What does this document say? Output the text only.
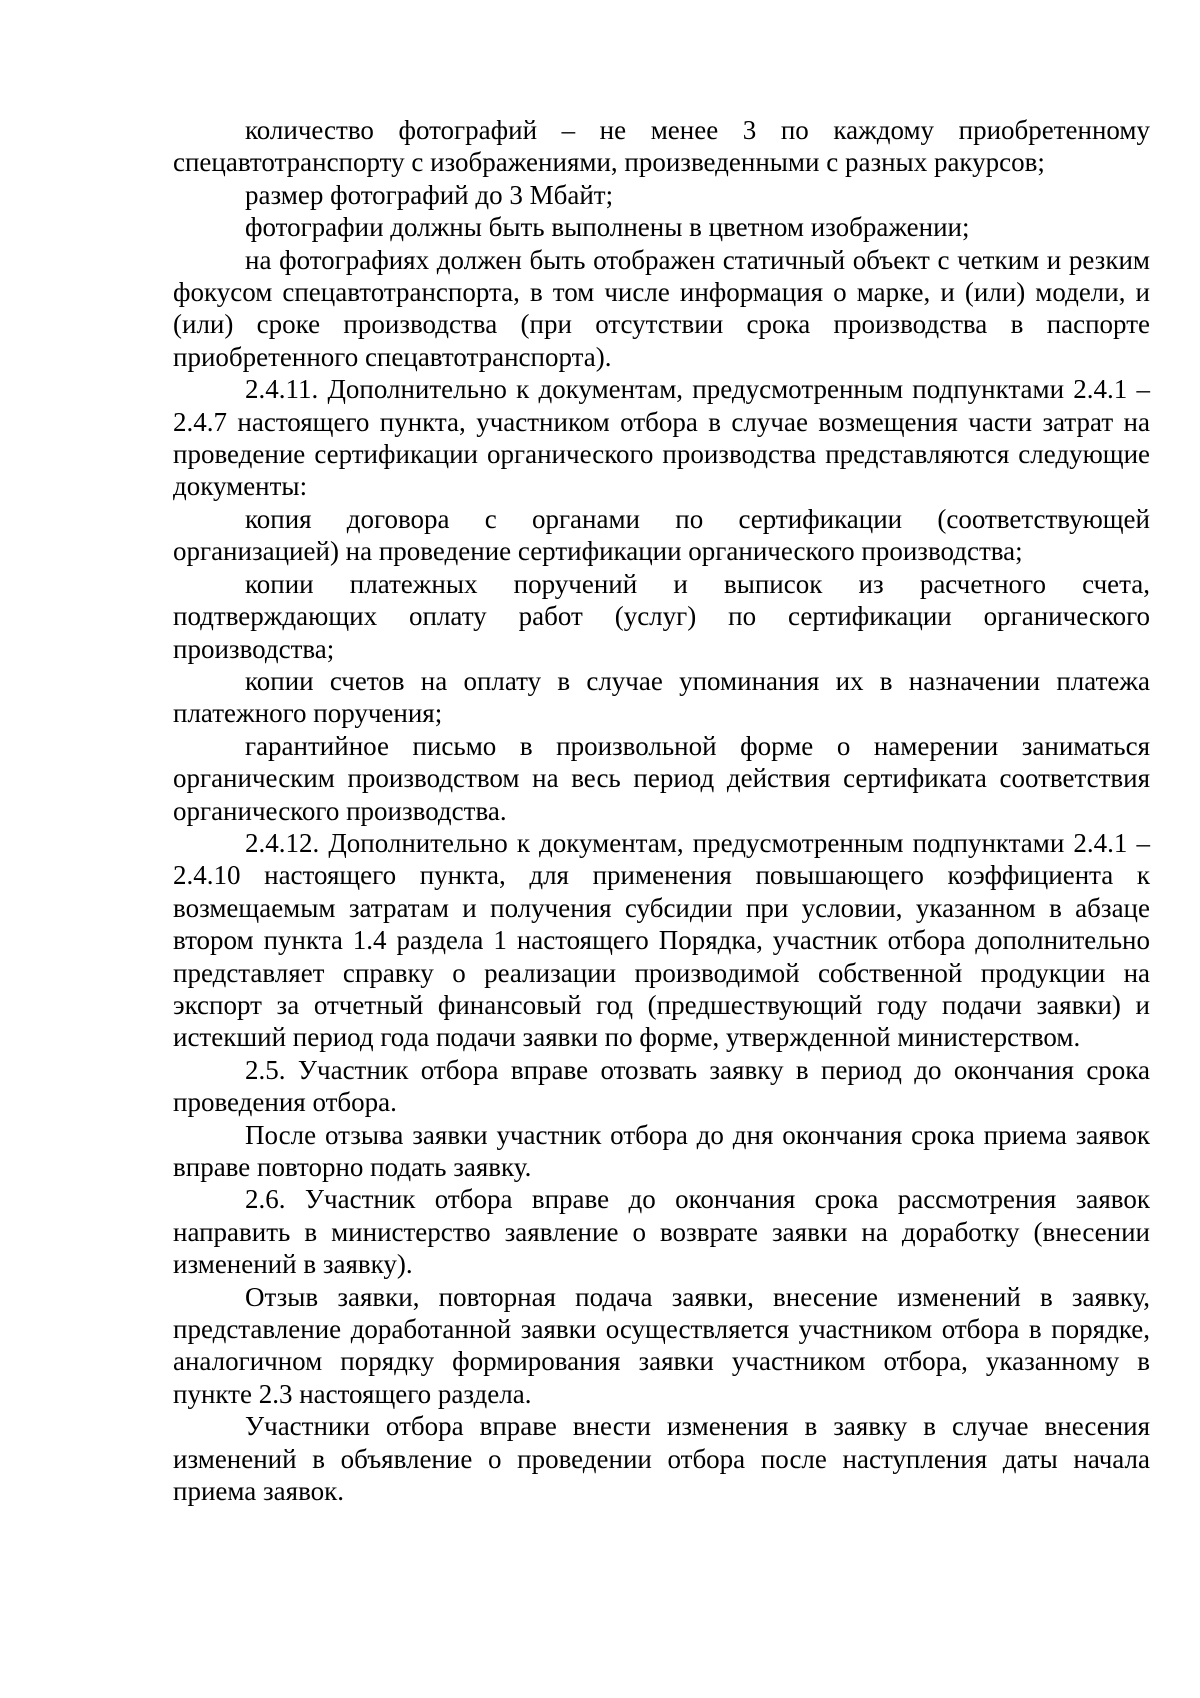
количество фотографий – не менее 3 по каждому приобретенному спецавтотранспорту с изображениями, произведенными с разных ракурсов;

размер фотографий до 3 Мбайт;

фотографии должны быть выполнены в цветном изображении;

на фотографиях должен быть отображен статичный объект с четким и резким фокусом спецавтотранспорта, в том числе информация о марке, и (или) модели, и (или) сроке производства (при отсутствии срока производства в паспорте приобретенного спецавтотранспорта).

2.4.11. Дополнительно к документам, предусмотренным подпунктами 2.4.1 – 2.4.7 настоящего пункта, участником отбора в случае возмещения части затрат на проведение сертификации органического производства представляются следующие документы:

копия договора с органами по сертификации (соответствующей организацией) на проведение сертификации органического производства;

копии платежных поручений и выписок из расчетного счета, подтверждающих оплату работ (услуг) по сертификации органического производства;

копии счетов на оплату в случае упоминания их в назначении платежа платежного поручения;

гарантийное письмо в произвольной форме о намерении заниматься органическим производством на весь период действия сертификата соответствия органического производства.

2.4.12. Дополнительно к документам, предусмотренным подпунктами 2.4.1 – 2.4.10 настоящего пункта, для применения повышающего коэффициента к возмещаемым затратам и получения субсидии при условии, указанном в абзаце втором пункта 1.4 раздела 1 настоящего Порядка, участник отбора дополнительно представляет справку о реализации производимой собственной продукции на экспорт за отчетный финансовый год (предшествующий году подачи заявки) и истекший период года подачи заявки по форме, утвержденной министерством.

2.5. Участник отбора вправе отозвать заявку в период до окончания срока проведения отбора.

После отзыва заявки участник отбора до дня окончания срока приема заявок вправе повторно подать заявку.

2.6. Участник отбора вправе до окончания срока рассмотрения заявок направить в министерство заявление о возврате заявки на доработку (внесении изменений в заявку).

Отзыв заявки, повторная подача заявки, внесение изменений в заявку, представление доработанной заявки осуществляется участником отбора в порядке, аналогичном порядку формирования заявки участником отбора, указанному в пункте 2.3 настоящего раздела.

Участники отбора вправе внести изменения в заявку в случае внесения изменений в объявление о проведении отбора после наступления даты начала приема заявок.
